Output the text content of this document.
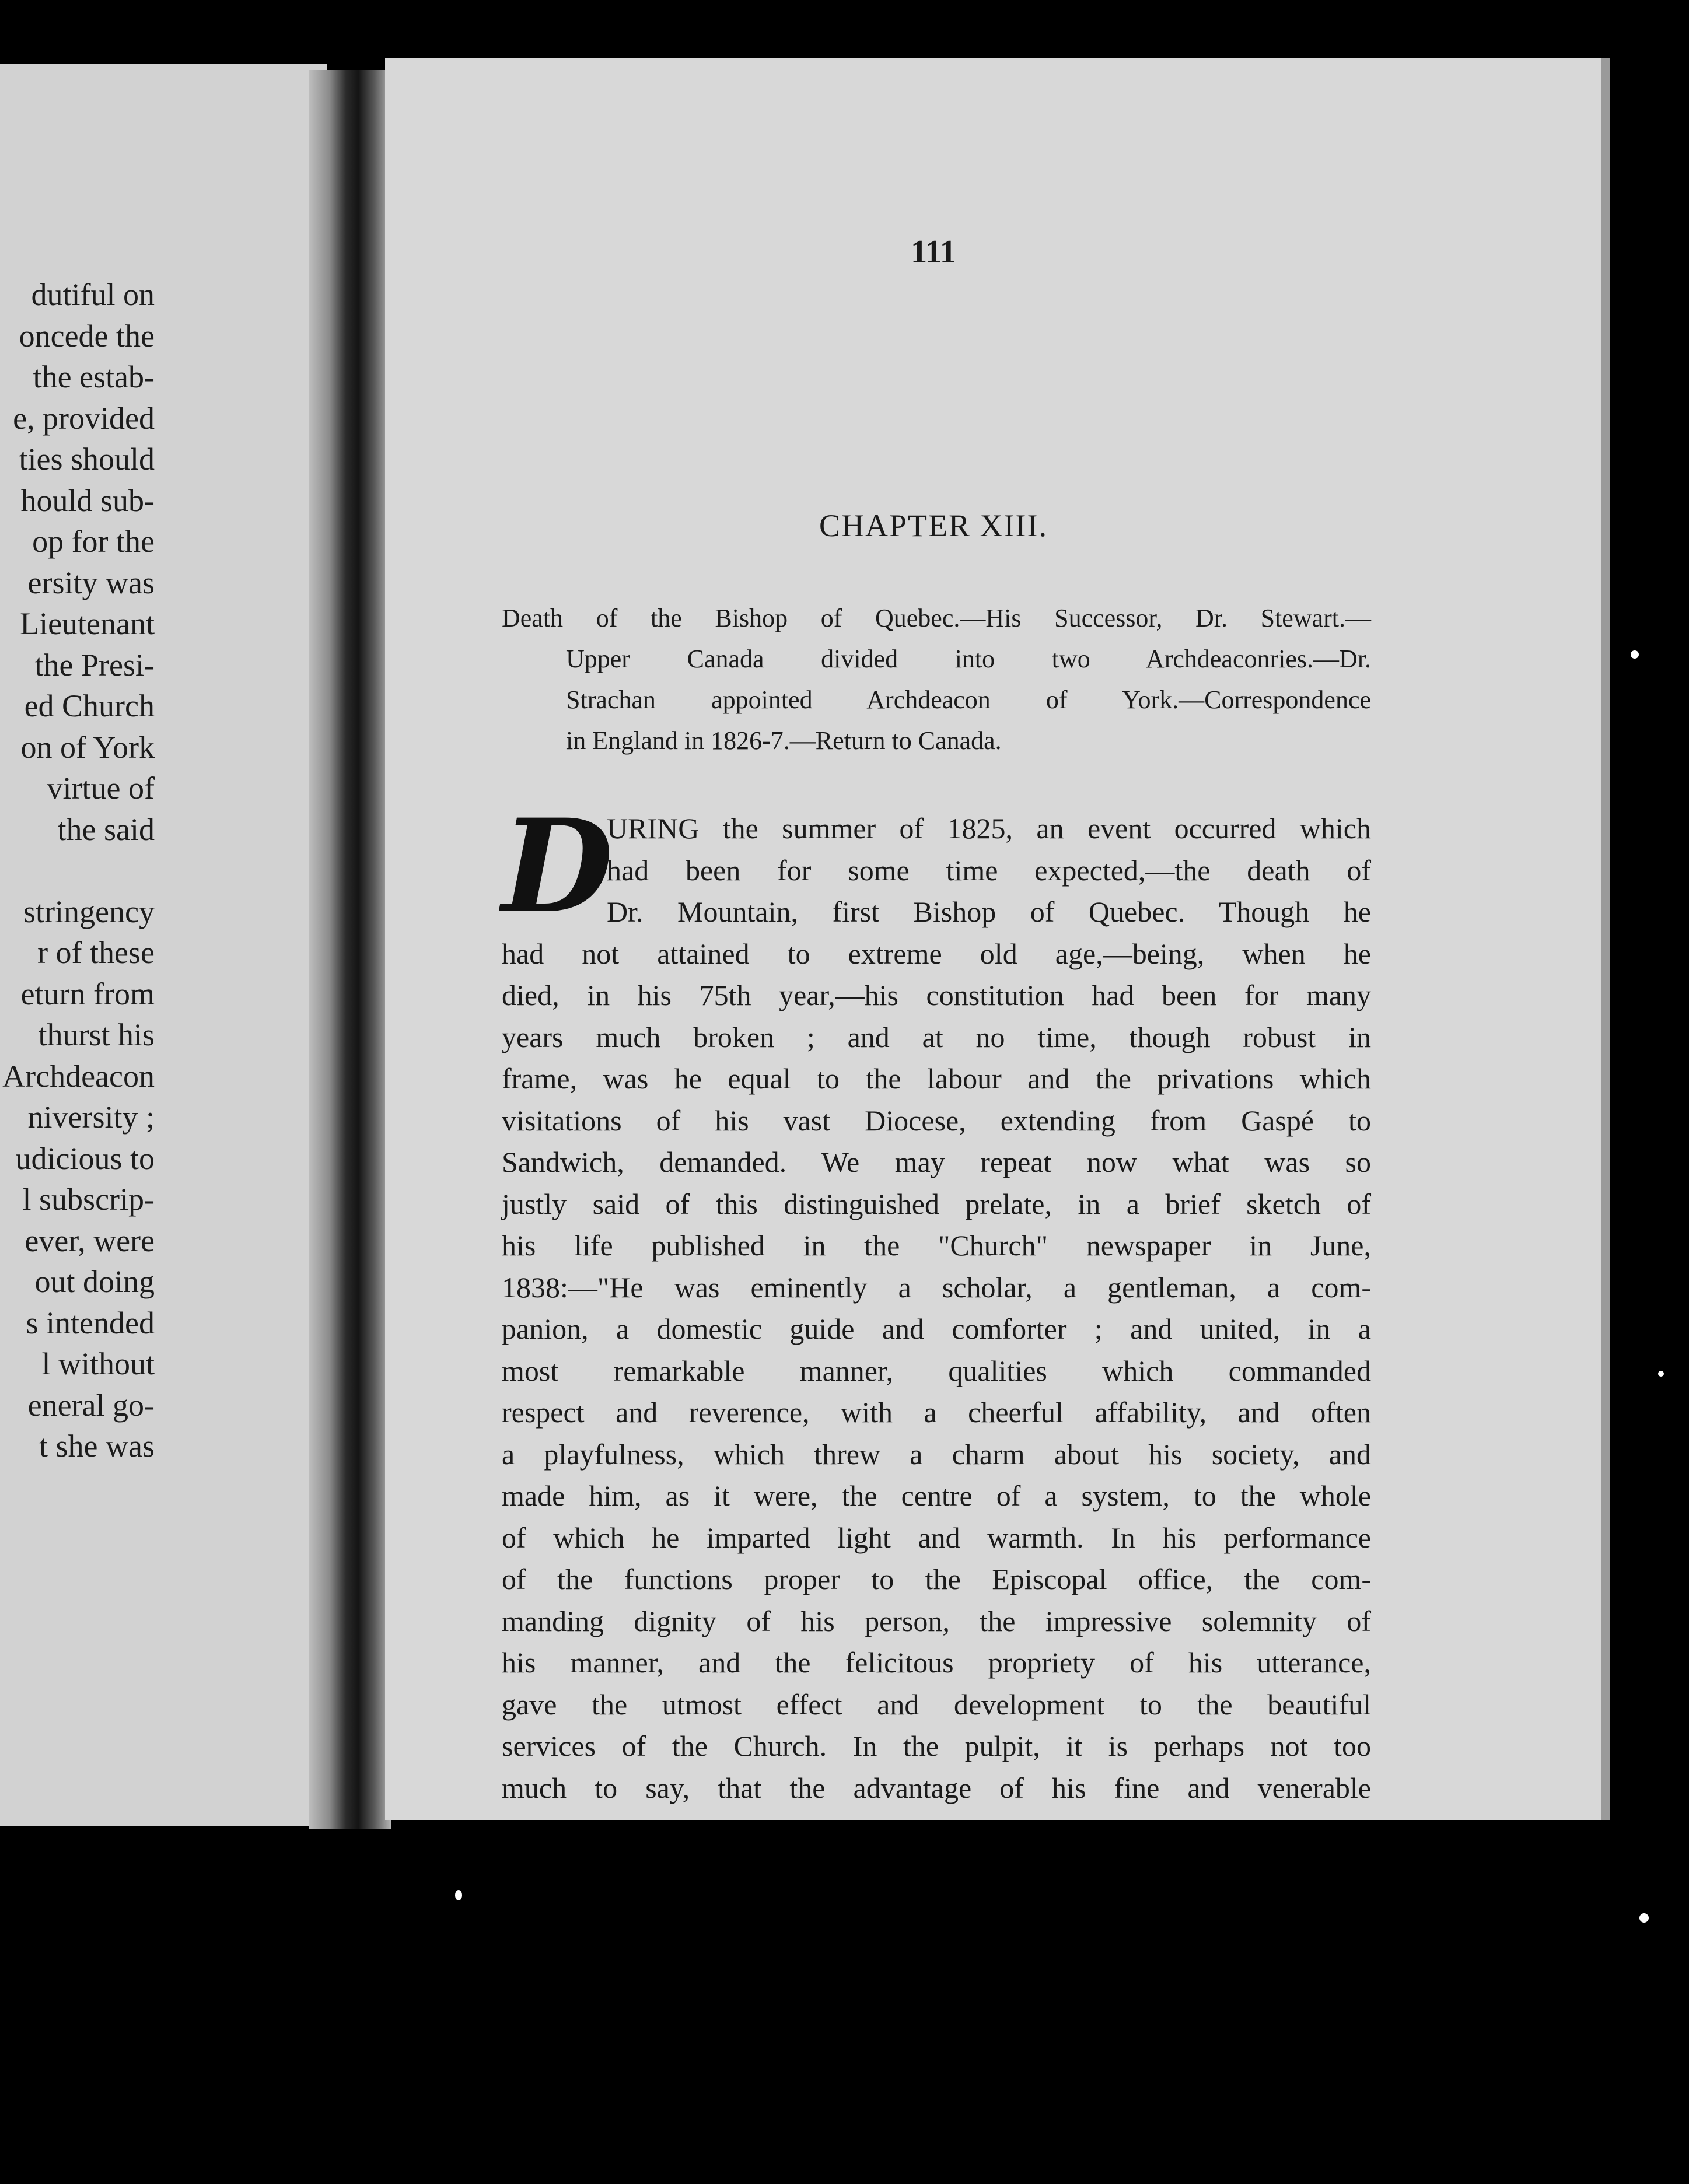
dutiful on
oncede the
the estab-
e, provided
ties should
hould sub-
op for the
ersity was
Lieutenant
the Presi-
ed Church
on of York
virtue of
the said
stringency
r of these
eturn from
thurst his
Archdeacon
niversity ;
udicious to
l subscrip-
ever, were
out doing
s intended
l without
eneral go-
t she was
111
CHAPTER XIII.
Death of the Bishop of Quebec.—His Successor, Dr. Stewart.—
Upper Canada divided into two Archdeaconries.—Dr.
Strachan appointed Archdeacon of York.—Correspondence
in England in 1826-7.—Return to Canada.
D
URING the summer of 1825, an event occurred which
had been for some time expected,—the death of
Dr. Mountain, first Bishop of Quebec. Though he
had not attained to extreme old age,—being, when he
died, in his 75th year,—his constitution had been for many
years much broken ; and at no time, though robust in
frame, was he equal to the labour and the privations which
visitations of his vast Diocese, extending from Gaspé to
Sandwich, demanded. We may repeat now what was so
justly said of this distinguished prelate, in a brief sketch of
his life published in the "Church" newspaper in June,
1838:—"He was eminently a scholar, a gentleman, a com-
panion, a domestic guide and comforter ; and united, in a
most remarkable manner, qualities which commanded
respect and reverence, with a cheerful affability, and often
a playfulness, which threw a charm about his society, and
made him, as it were, the centre of a system, to the whole
of which he imparted light and warmth. In his performance
of the functions proper to the Episcopal office, the com-
manding dignity of his person, the impressive solemnity of
his manner, and the felicitous propriety of his utterance,
gave the utmost effect and development to the beautiful
services of the Church. In the pulpit, it is perhaps not too
much to say, that the advantage of his fine and venerable
